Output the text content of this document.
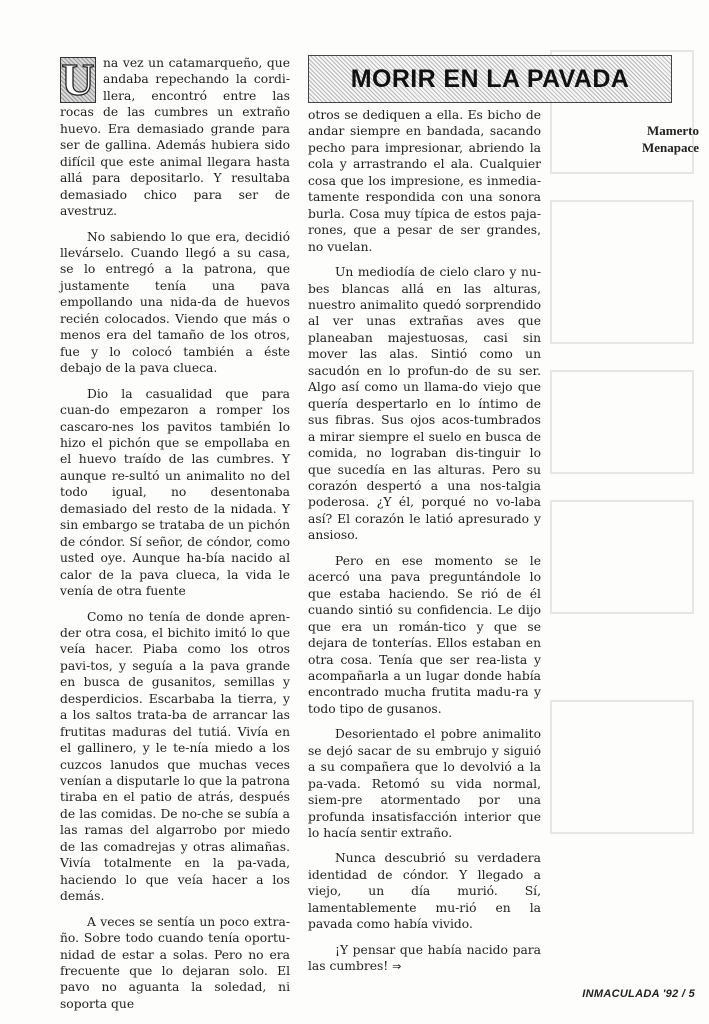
MORIR EN LA PAVADA
Mamerto
Menapace

U na vez un catamarqueño, que andaba repechando la cordi-llera, encontró entre las rocas de las cumbres un extraño huevo. Era demasiado grande para ser de gallina. Además hubiera sido difícil que este animal llegara hasta allá para depositarlo. Y resultaba demasiado chico para ser de avestruz.

No sabiendo lo que era, decidió llevárselo. Cuando llegó a su casa, se lo entregó a la patrona, que justamente tenía una pava empollando una nida-da de huevos recién colocados. Viendo que más o menos era del tamaño de los otros, fue y lo colocó también a éste debajo de la pava clueca.

Dio la casualidad que para cuan-do empezaron a romper los cascaro-nes los pavitos también lo hizo el pichón que se empollaba en el huevo traído de las cumbres. Y aunque re-sultó un animalito no del todo igual, no desentonaba demasiado del resto de la nidada. Y sin embargo se trataba de un pichón de cóndor. Sí señor, de cóndor, como usted oye. Aunque ha-bía nacido al calor de la pava clueca, la vida le venía de otra fuente

Como no tenía de donde apren-der otra cosa, el bichito imitó lo que veía hacer. Piaba como los otros pavi-tos, y seguía a la pava grande en busca de gusanitos, semillas y desperdicios. Escarbaba la tierra, y a los saltos trata-ba de arrancar las frutitas maduras del tutiá. Vivía en el gallinero, y le te-nía miedo a los cuzcos lanudos que muchas veces venían a disputarle lo que la patrona tiraba en el patio de atrás, después de las comidas. De no-che se subía a las ramas del algarrobo por miedo de las comadrejas y otras alimañas. Vivía totalmente en la pa-vada, haciendo lo que veía hacer a los demás.

A veces se sentía un poco extra-ño. Sobre todo cuando tenía oportu-nidad de estar a solas. Pero no era frecuente que lo dejaran solo. El pavo no aguanta la soledad, ni soporta que

otros se dediquen a ella. Es bicho de andar siempre en bandada, sacando pecho para impresionar, abriendo la cola y arrastrando el ala. Cualquier cosa que los impresione, es inmedia-tamente respondida con una sonora burla. Cosa muy típica de estos paja-rones, que a pesar de ser grandes, no vuelan.

Un mediodía de cielo claro y nu-bes blancas allá en las alturas, nuestro animalito quedó sorprendido al ver unas extrañas aves que planeaban majestuosas, casi sin mover las alas. Sintió como un sacudón en lo profun-do de su ser. Algo así como un llama-do viejo que quería despertarlo en lo íntimo de sus fibras. Sus ojos acos-tumbrados a mirar siempre el suelo en busca de comida, no lograban dis-tinguir lo que sucedía en las alturas. Pero su corazón despertó a una nos-talgia poderosa. ¿Y él, porqué no vo-laba así? El corazón le latió apresurado y ansioso.

Pero en ese momento se le acercó una pava preguntándole lo que estaba haciendo. Se rió de él cuando sintió su confidencia. Le dijo que era un román-tico y que se dejara de tonterías. Ellos estaban en otra cosa. Tenía que ser rea-lista y acompañarla a un lugar donde había encontrado mucha frutita madu-ra y todo tipo de gusanos.

Desorientado el pobre animalito se dejó sacar de su embrujo y siguió a su compañera que lo devolvió a la pa-vada. Retomó su vida normal, siem-pre atormentado por una profunda insatisfacción interior que lo hacía sentir extraño.

Nunca descubrió su verdadera identidad de cóndor. Y llegado a viejo, un día murió. Sí, lamentablemente mu-rió en la pavada como había vivido.

¡Y pensar que había nacido para las cumbres! ⇒

INMACULADA '92 / 5
